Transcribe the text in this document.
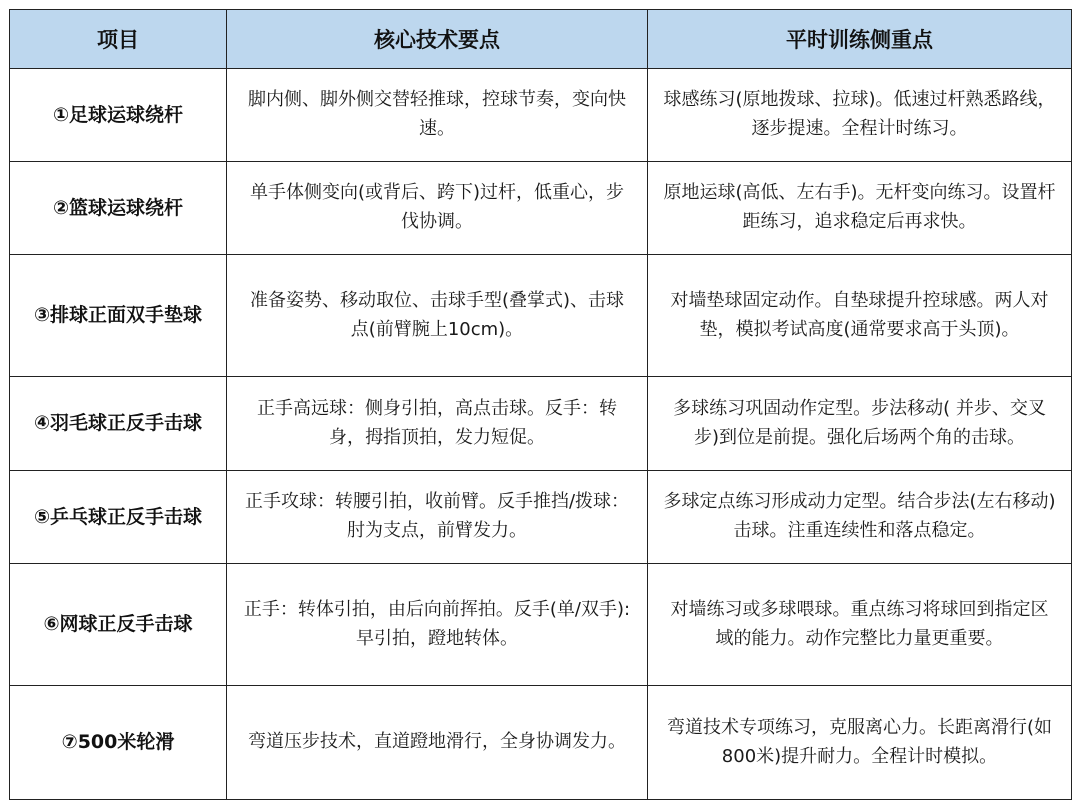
项目	核心技术要点	平时训练侧重点
①足球运球绕杆	脚内侧、脚外侧交替轻推球，控球节奏，变向快速。	球感练习(原地拨球、拉球)。低速过杆熟悉路线，逐步提速。全程计时练习。
②篮球运球绕杆	单手体侧变向(或背后、跨下)过杆，低重心，步伐协调。	原地运球(高低、左右手)。无杆变向练习。设置杆距练习，追求稳定后再求快。
③排球正面双手垫球	准备姿势、移动取位、击球手型(叠掌式)、击球点(前臂腕上10cm)。	对墙垫球固定动作。自垫球提升控球感。两人对垫，模拟考试高度(通常要求高于头顶)。
④羽毛球正反手击球	正手高远球：侧身引拍，高点击球。反手：转身，拇指顶拍，发力短促。	多球练习巩固动作定型。步法移动( 并步、交叉步)到位是前提。强化后场两个角的击球。
⑤乒乓球正反手击球	正手攻球：转腰引拍，收前臂。反手推挡/拨球：肘为支点，前臂发力。	多球定点练习形成动力定型。结合步法(左右移动)击球。注重连续性和落点稳定。
⑥网球正反手击球	正手：转体引拍，由后向前挥拍。反手(单/双手):早引拍，蹬地转体。	对墙练习或多球喂球。重点练习将球回到指定区域的能力。动作完整比力量更重要。
⑦500米轮滑	弯道压步技术，直道蹬地滑行，全身协调发力。	弯道技术专项练习，克服离心力。长距离滑行(如800米)提升耐力。全程计时模拟。
